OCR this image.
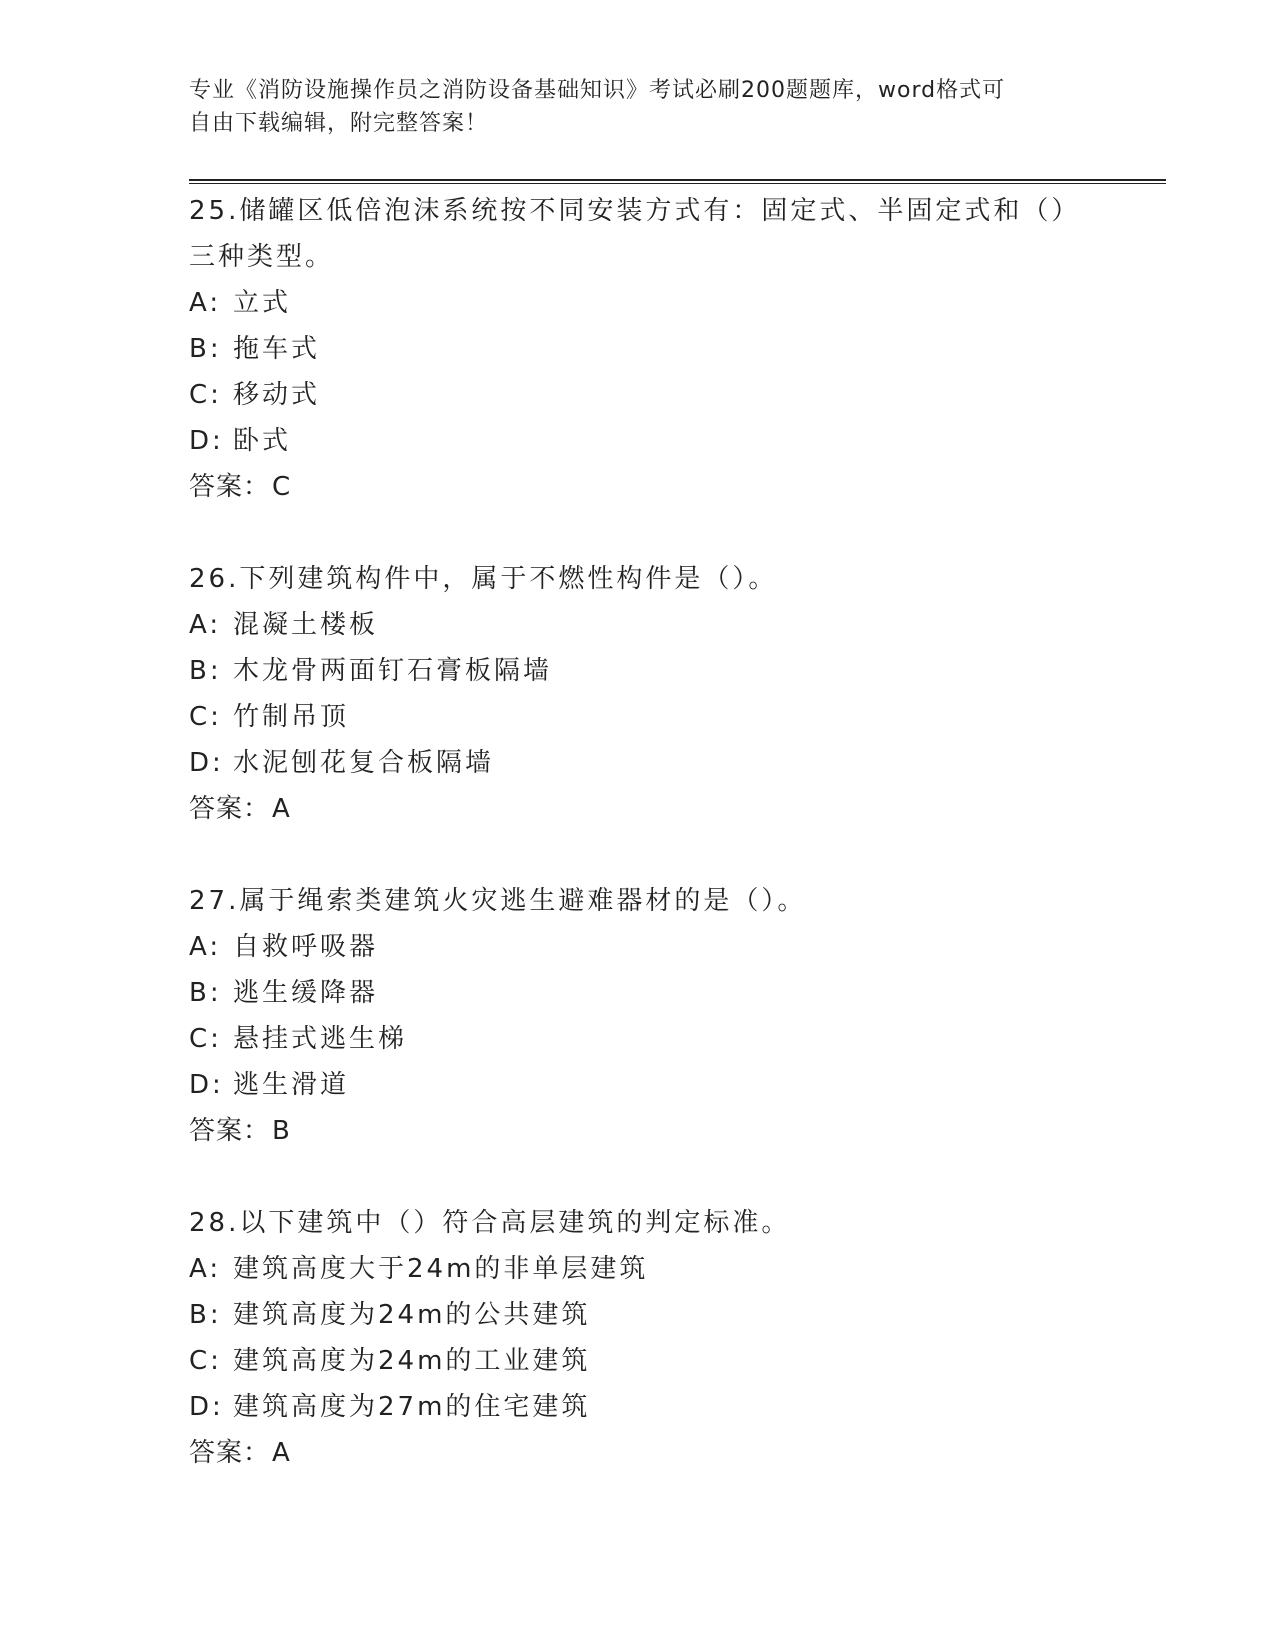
专业《消防设施操作员之消防设备基础知识》考试必刷200题题库，word格式可
自由下载编辑，附完整答案！
25.储罐区低倍泡沫系统按不同安装方式有：固定式、半固定式和（）
三种类型。
A: 立式
B: 拖车式
C: 移动式
D: 卧式
答案：C
26.下列建筑构件中，属于不燃性构件是（）。
A: 混凝土楼板
B: 木龙骨两面钉石膏板隔墙
C: 竹制吊顶
D: 水泥刨花复合板隔墙
答案：A
27.属于绳索类建筑火灾逃生避难器材的是（）。
A: 自救呼吸器
B: 逃生缓降器
C: 悬挂式逃生梯
D: 逃生滑道
答案：B
28.以下建筑中（）符合高层建筑的判定标准。
A: 建筑高度大于24m的非单层建筑
B: 建筑高度为24m的公共建筑
C: 建筑高度为24m的工业建筑
D: 建筑高度为27m的住宅建筑
答案：A
